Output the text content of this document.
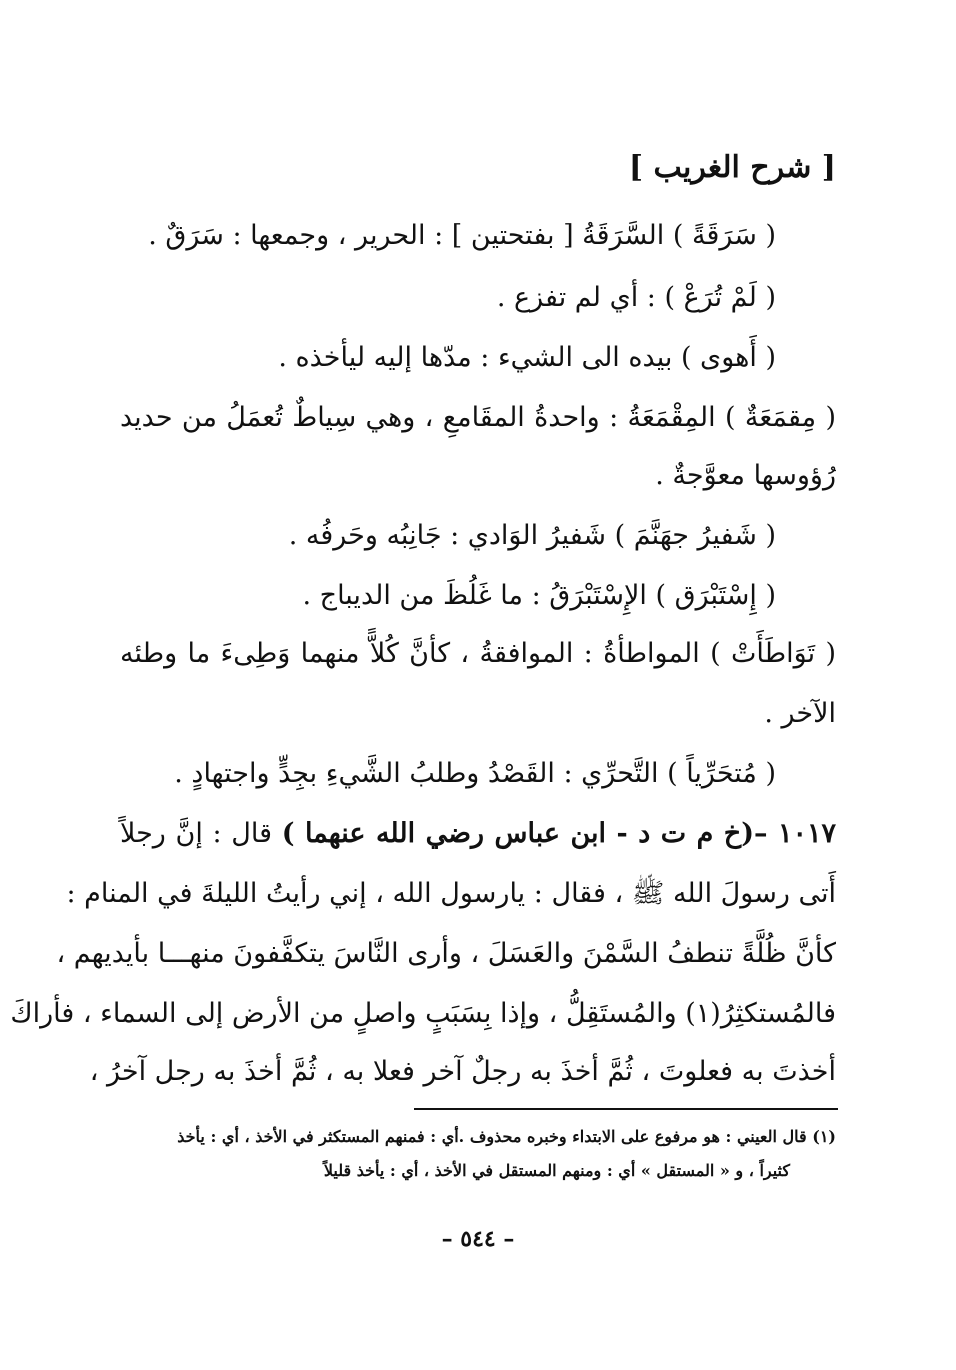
[ شرح الغريب ]
( سَرَقَةً ) السَّرَقَةُ [ بفتحتين ] : الحرير ، وجمعها : سَرَقٌ .
( لَمْ تُرَعْ ) : أي لم تفزع .
( أَهوى ) بيده الى الشيء : مدّها إليه ليأخذه .
( مِقمَعَةٌ ) المِقْمَعَةُ : واحدةُ المقَامعِ ، وهي سِياطٌ تُعمَلُ من حديد
رُؤوسها معوَّجةٌ .
( شَفيرُ جهَنَّمَ ) شَفيرُ الوَادي : جَانِبُه وحَرفُه .
( إِسْتَبْرَق ) الإِسْتَبْرَقُ : ما غَلُظَ من الديباج .
( تَوَاطَأَتْ ) المواطأةُ : الموافقةُ ، كأنَّ كُلاًّ منهما وَطِىءَ ما وطئه
الآخر .
( مُتحَرِّياً ) التَّحرِّي : القَصْدُ وطلبُ الشَّيءِ بجِدٍّ واجتهادٍ .
١٠١٧ –(خ م ت د - ابن عباس رضي الله عنهما ) قال : إنَّ رجلاً
أَتى رسولَ الله ﷺ ، فقال : يارسول الله ، إني رأيتُ الليلةَ في المنام :
كأنَّ ظُلَّةً تنطفُ السَّمْنَ والعَسَلَ ، وأرى النَّاسَ يتكفَّفونَ منهـــا بأيديهم ،
فالمُستكثِرُ(١) والمُستَقِلُّ ، وإذا بِسَبَبٍ واصلٍ من الأرض إلى السماء ، فأراكَ
أخذتَ به فعلوتَ ، ثُمَّ أخذَ به رجلٌ آخر فعلا به ، ثُمَّ أخذَ به رجل آخرُ ،
(١) قال العيني : هو مرفوع على الابتداء وخبره محذوف .أي : فمنهم المستكثر في الأخذ ، أي : يأخذ
كثيراً ، و « المستقل » أي : ومنهم المستقل في الأخذ ، أي : يأخذ قليلاً
– ٥٤٤ –
